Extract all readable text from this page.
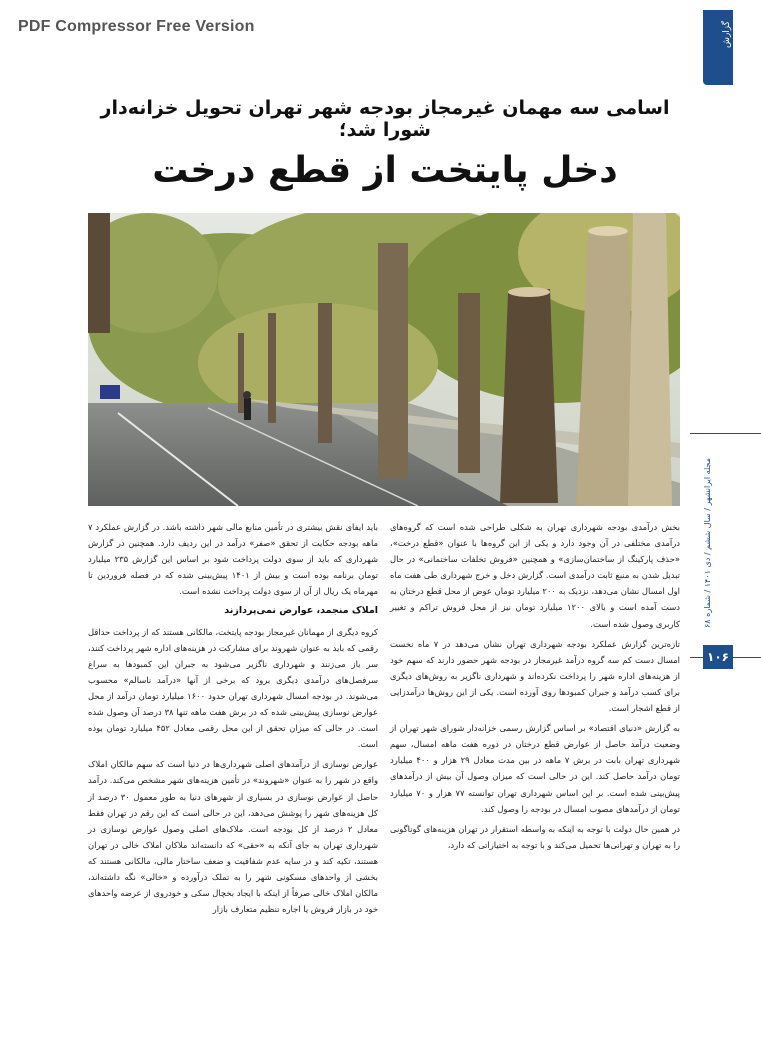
PDF Compressor Free Version	گزارش
اسامی سه مهمان غیرمجاز بودجه شهر تهران تحویل خزانه‌دار شورا شد؛
دخل پایتخت از قطع درخت

بخش درآمدی بودجه شهرداری تهران به شکلی طراحی شده است که گروه‌های درآمدی مختلفی در آن وجود دارد و یکی از این گروه‌ها با عنوان «قطع درخت»، «حذف پارکینگ از ساختمان‌سازی» و همچنین «فروش تخلفات ساختمانی» در حال تبدیل شدن به منبع ثابت درآمدی است. گزارش دخل و خرج شهرداری طی هفت ماه اول امسال نشان می‌دهد، نزدیک به ۲۰۰ میلیارد تومان عوض از محل قطع درختان به دست آمده است و بالای ۱۲۰۰ میلیارد تومان نیز از محل فروش تراکم و تغییر کاربری وصول شده است.

تازه‌ترین گزارش عملکرد بودجه شهرداری تهران نشان می‌دهد در ۷ ماه نخست امسال دست کم سه گروه درآمد غیرمجاز در بودجه شهر حضور دارند که سهم خود از هزینه‌های اداره شهر را پرداخت نکرده‌اند و شهرداری ناگزیر به روش‌های دیگری برای کسب درآمد و جبران کمبودها روی آورده است. یکی از این روش‌ها درآمدزایی از قطع اشجار است.

به گزارش «دنیای اقتصاد» بر اساس گزارش رسمی خزانه‌دار شورای شهر تهران از وضعیت درآمد حاصل از عوارض قطع درختان در دوره هفت ماهه امسال، سهم شهرداری تهران بابت در برش ۷ ماهه در بین مدت معادل ۲۹ هزار و ۴۰۰ میلیارد تومان درآمد حاصل کند. این در حالی است که میزان وصول آن بیش از درآمدهای پیش‌بینی شده است. بر این اساس شهرداری تهران توانسته ۷۷ هزار و ۷۰ میلیارد تومان از درآمدهای مصوب امسال در بودجه را وصول کند.

در همین حال دولت با توجه به اینکه به واسطه استقرار در تهران هزینه‌های گوناگونی را به تهران و تهرانی‌ها تحمیل می‌کند و با توجه به اختیاراتی که دارد،

باید ایفای نقش بیشتری در تأمین منابع مالی شهر داشته باشد. در گزارش عملکرد ۷ ماهه بودجه حکایت از تحقق «صفر» درآمد در این ردیف دارد. همچنین در گزارش شهرداری که باید از سوی دولت پرداخت شود بر اساس این گزارش ۲۳۵ میلیارد تومان برنامه بوده است و بیش از ۱۴۰۱ پیش‌بینی شده که در فصله فروردین تا مهرماه یک ریال از آن از سوی دولت پرداخت نشده است.

املاک منجمد، عوارض نمی‌پردازند

کروه دیگری از مهمانان غیرمجاز بودجه پایتخت، مالکانی هستند که از پرداخت حداقل رقمی که باید به عنوان شهروند برای مشارکت در هزینه‌های اداره شهر پرداخت کنند، سر باز می‌زنند و شهرداری ناگزیر می‌شود به جبران این کمبودها به سراغ سرفصل‌های درآمدی دیگری برود که برخی از آنها «درآمد ناسالم» محسوب می‌شوند. در بودجه امسال شهرداری تهران حدود ۱۶۰۰ میلیارد تومان درآمد از محل عوارض نوسازی پیش‌بینی شده که در برش هفت ماهه تنها ۳۸ درصد آن وصول شده است. در حالی که میزان تحقق از این محل رقمی معادل ۴۵۲ میلیارد تومان بوده است.

عوارض نوسازی از درآمدهای اصلی شهرداری‌ها در دنیا است که سهم مالکان املاک واقع در شهر را به عنوان «شهروند» در تأمین هزینه‌های شهر مشخص می‌کند. درآمد حاصل از عوارض نوسازی در بسیاری از شهرهای دنیا به طور معمول ۳۰ درصد از کل هزینه‌های شهر را پوشش می‌دهد، این در حالی است که این رقم در تهران فقط معادل ۲ درصد از کل بودجه است. ملاک‌های اصلی وصول عوارض نوسازی در شهرداری تهران به جای آنکه به «حقی» که دانسته‌اند ملاکان املاک خالی در تهران هستند، تکیه کند و در سایه عدم شفافیت و ضعف ساختار مالی، مالکانی هستند که بخشی از واحدهای مسکونی شهر را به تملک درآورده و «خالی» نگه داشته‌اند، مالکان املاک خالی صرفاً از اینکه با ایجاد بخچال سکی و خودروی از عرضه واحدهای خود در بازار فروش یا اجاره تنظیم متعارف بازار

مجله ایرانشهر / سال ششم / دی ۱۴۰۱ / شماره ۶۸
۱۰۶
